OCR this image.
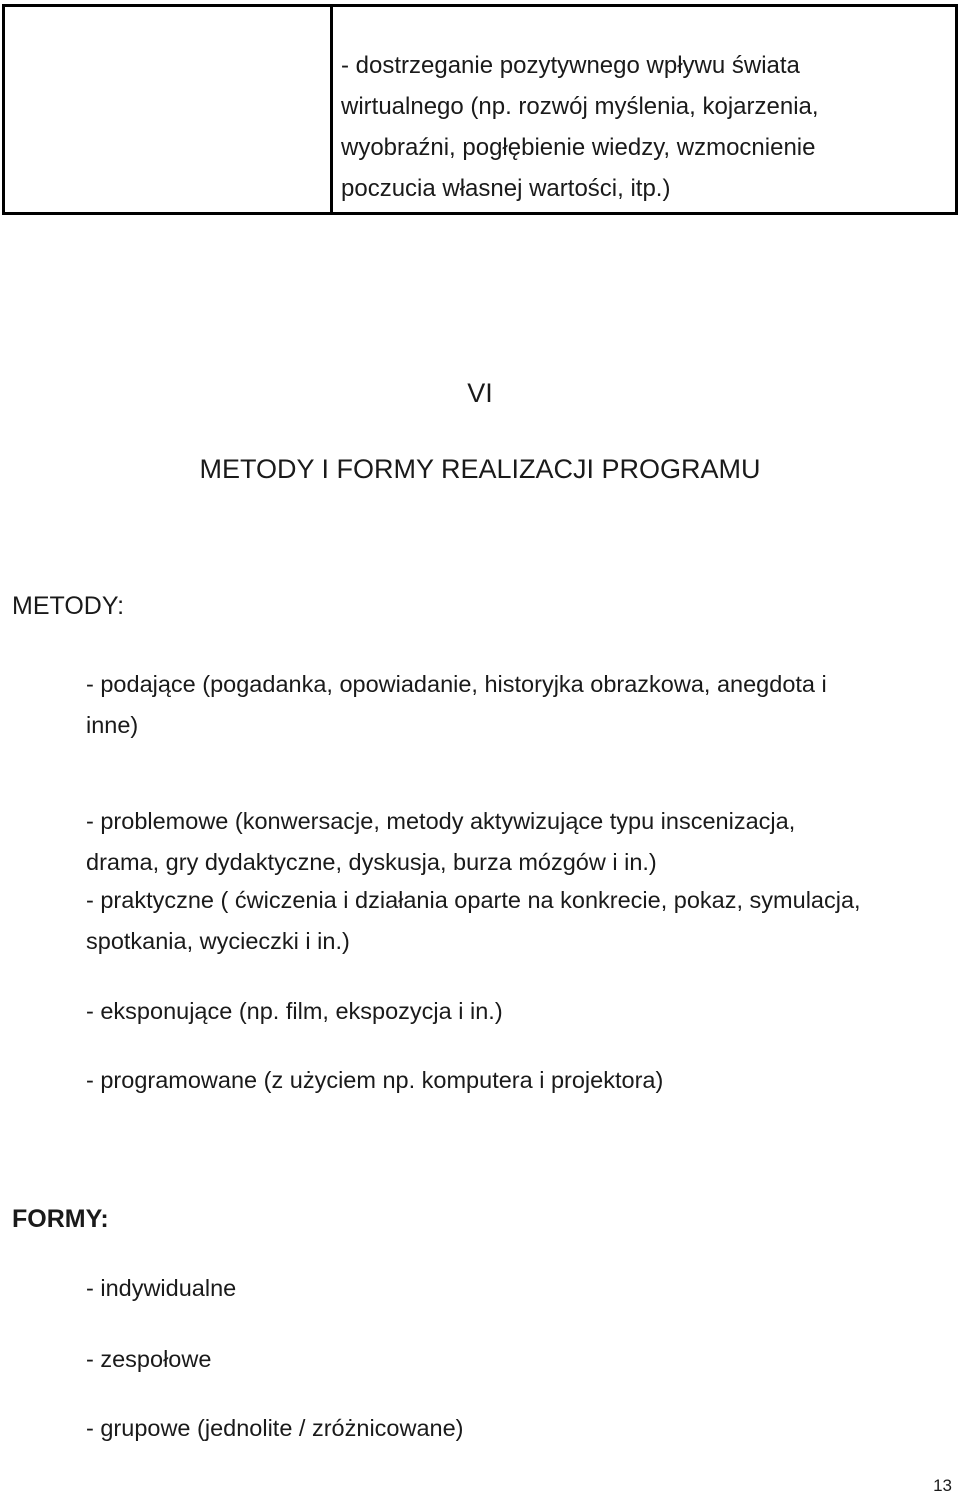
- dostrzeganie pozytywnego wpływu świata
wirtualnego (np. rozwój myślenia, kojarzenia,
wyobraźni, pogłębienie wiedzy, wzmocnienie
poczucia własnej wartości, itp.)
VI
METODY I FORMY REALIZACJI PROGRAMU
METODY:
- podające (pogadanka, opowiadanie, historyjka obrazkowa, anegdota i inne)
- problemowe (konwersacje, metody aktywizujące typu inscenizacja, drama, gry dydaktyczne, dyskusja, burza mózgów i in.)
- praktyczne ( ćwiczenia i działania oparte na konkrecie, pokaz, symulacja, spotkania, wycieczki i in.)
- eksponujące (np. film, ekspozycja i in.)
- programowane (z użyciem np. komputera i projektora)
FORMY:
- indywidualne
- zespołowe
- grupowe (jednolite / zróżnicowane)
13
